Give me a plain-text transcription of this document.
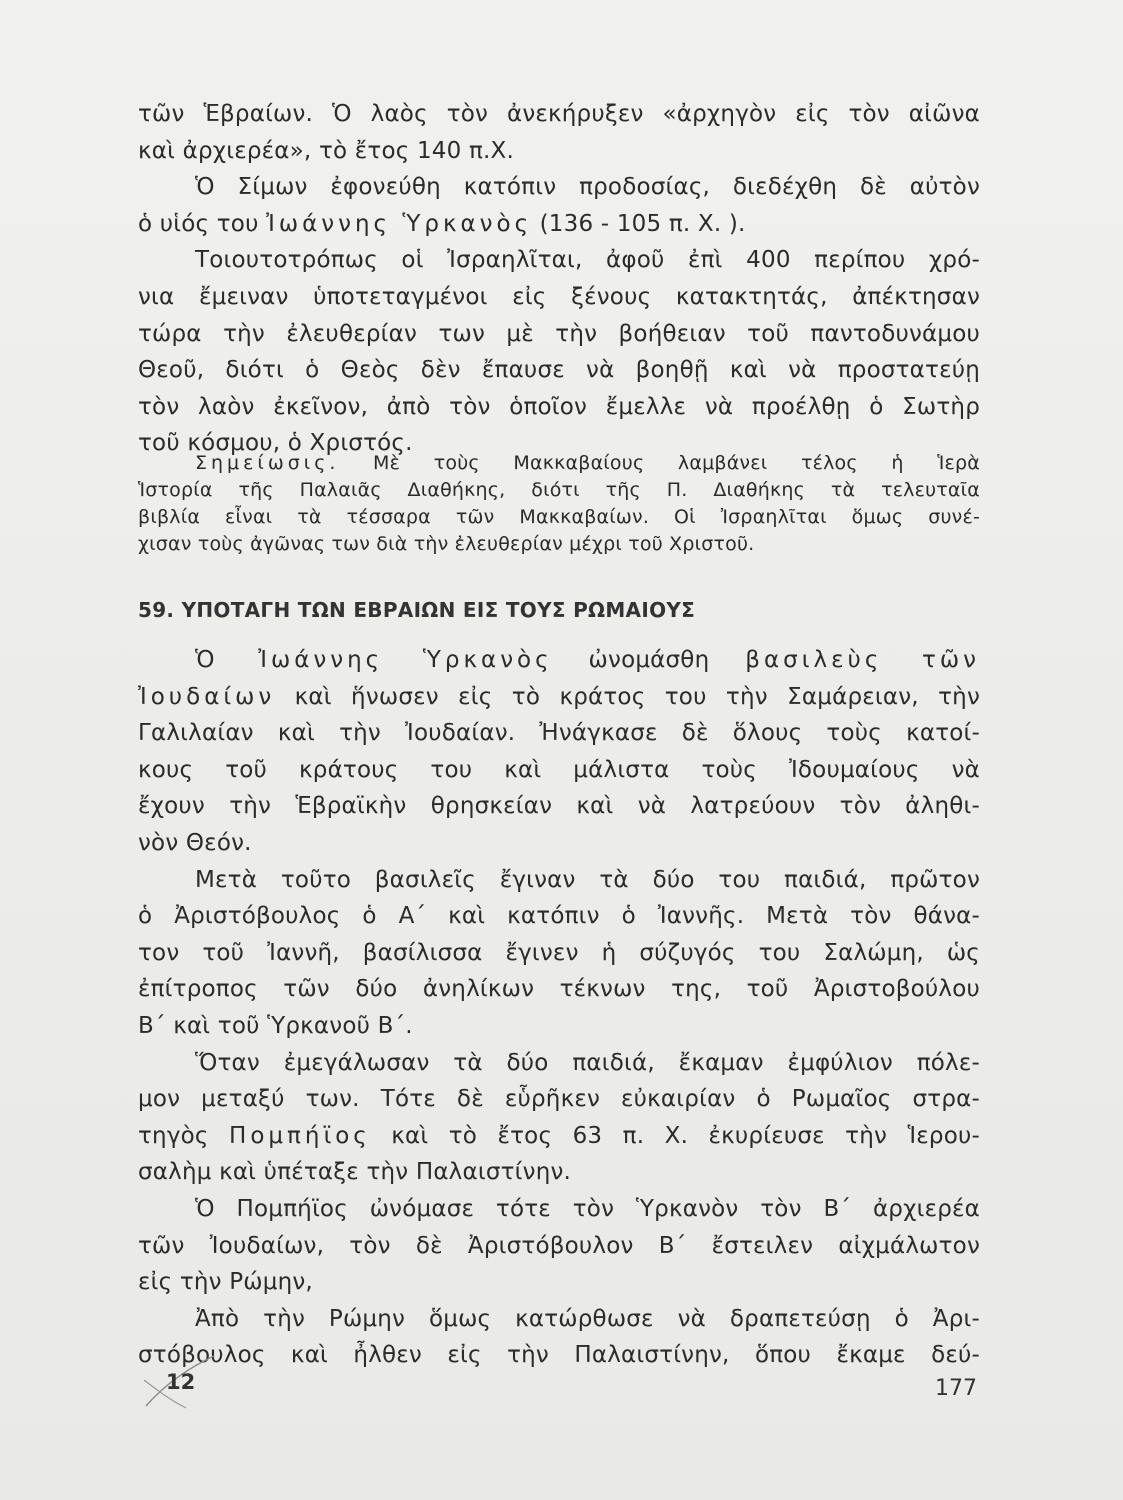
τῶν Ἑβραίων. Ὁ λαὸς τὸν ἀνεκήρυξεν «ἀρχηγὸν εἰς τὸν αἰῶνα
καὶ ἀρχιερέα», τὸ ἔτος 140 π.Χ.
Ὁ Σίμων ἐφονεύθη κατόπιν προδοσίας, διεδέχθη δὲ αὐτὸν
ὁ υἱός του Ἰωάννης Ὑρκανὸς (136 - 105 π. Χ. ).
Τοιουτοτρόπως οἱ Ἰσραηλῖται, ἀφοῦ ἐπὶ 400 περίπου χρό-
νια ἔμειναν ὑποτεταγμένοι εἰς ξένους κατακτητάς, ἀπέκτησαν
τώρα τὴν ἐλευθερίαν των μὲ τὴν βοήθειαν τοῦ παντοδυνάμου
Θεοῦ, διότι ὁ Θεὸς δὲν ἔπαυσε νὰ βοηθῇ καὶ νὰ προστατεύῃ
τὸν λαὸν ἐκεῖνον, ἀπὸ τὸν ὁποῖον ἔμελλε νὰ προέλθῃ ὁ Σωτὴρ
τοῦ κόσμου, ὁ Χριστός.
Σημείωσις. Μὲ τοὺς Μακκαβαίους λαμβάνει τέλος ἡ Ἱερὰ
Ἱστορία τῆς Παλαιᾶς Διαθήκης, διότι τῆς Π. Διαθήκης τὰ τελευταῖα
βιβλία εἶναι τὰ τέσσαρα τῶν Μακκαβαίων. Οἱ Ἰσραηλῖται ὅμως συνέ-
χισαν τοὺς ἀγῶνας των διὰ τὴν ἐλευθερίαν μέχρι τοῦ Χριστοῦ.
59. ΥΠΟΤΑΓΗ ΤΩΝ ΕΒΡΑΙΩΝ ΕΙΣ ΤΟΥΣ ΡΩΜΑΙΟΥΣ
Ὁ Ἰωάννης Ὑρκανὸς ὠνομάσθη βασιλεὺς τῶν
Ἰουδαίων καὶ ἥνωσεν εἰς τὸ κράτος του τὴν Σαμάρειαν, τὴν
Γαλιλαίαν καὶ τὴν Ἰουδαίαν. Ἠνάγκασε δὲ ὅλους τοὺς κατοί-
κους τοῦ κράτους του καὶ μάλιστα τοὺς Ἰδουμαίους νὰ
ἔχουν τὴν Ἑβραϊκὴν θρησκείαν καὶ νὰ λατρεύουν τὸν ἀληθι-
νὸν Θεόν.
Μετὰ τοῦτο βασιλεῖς ἔγιναν τὰ δύο του παιδιά, πρῶτον
ὁ Ἀριστόβουλος ὁ Α΄ καὶ κατόπιν ὁ Ἰαννῆς. Μετὰ τὸν θάνα-
τον τοῦ Ἰαννῆ, βασίλισσα ἔγινεν ἡ σύζυγός του Σαλώμη, ὡς
ἐπίτροπος τῶν δύο ἀνηλίκων τέκνων της, τοῦ Ἀριστοβούλου
Β΄ καὶ τοῦ Ὑρκανοῦ Β΄.
Ὅταν ἐμεγάλωσαν τὰ δύο παιδιά, ἔκαμαν ἐμφύλιον πόλε-
μον μεταξύ των. Τότε δὲ εὗρῆκεν εὐκαιρίαν ὁ Ρωμαῖος στρα-
τηγὸς Πομπήϊος καὶ τὸ ἔτος 63 π. Χ. ἐκυρίευσε τὴν Ἱερου-
σαλὴμ καὶ ὑπέταξε τὴν Παλαιστίνην.
Ὁ Πομπήϊος ὠνόμασε τότε τὸν Ὑρκανὸν τὸν Β΄ ἀρχιερέα
τῶν Ἰουδαίων, τὸν δὲ Ἀριστόβουλον Β΄ ἔστειλεν αἰχμάλωτον
εἰς τὴν Ρώμην,
Ἀπὸ τὴν Ρώμην ὅμως κατώρθωσε νὰ δραπετεύσῃ ὁ Ἀρι-
στόβουλος καὶ ἦλθεν εἰς τὴν Παλαιστίνην, ὅπου ἔκαμε δεύ-
12	177
